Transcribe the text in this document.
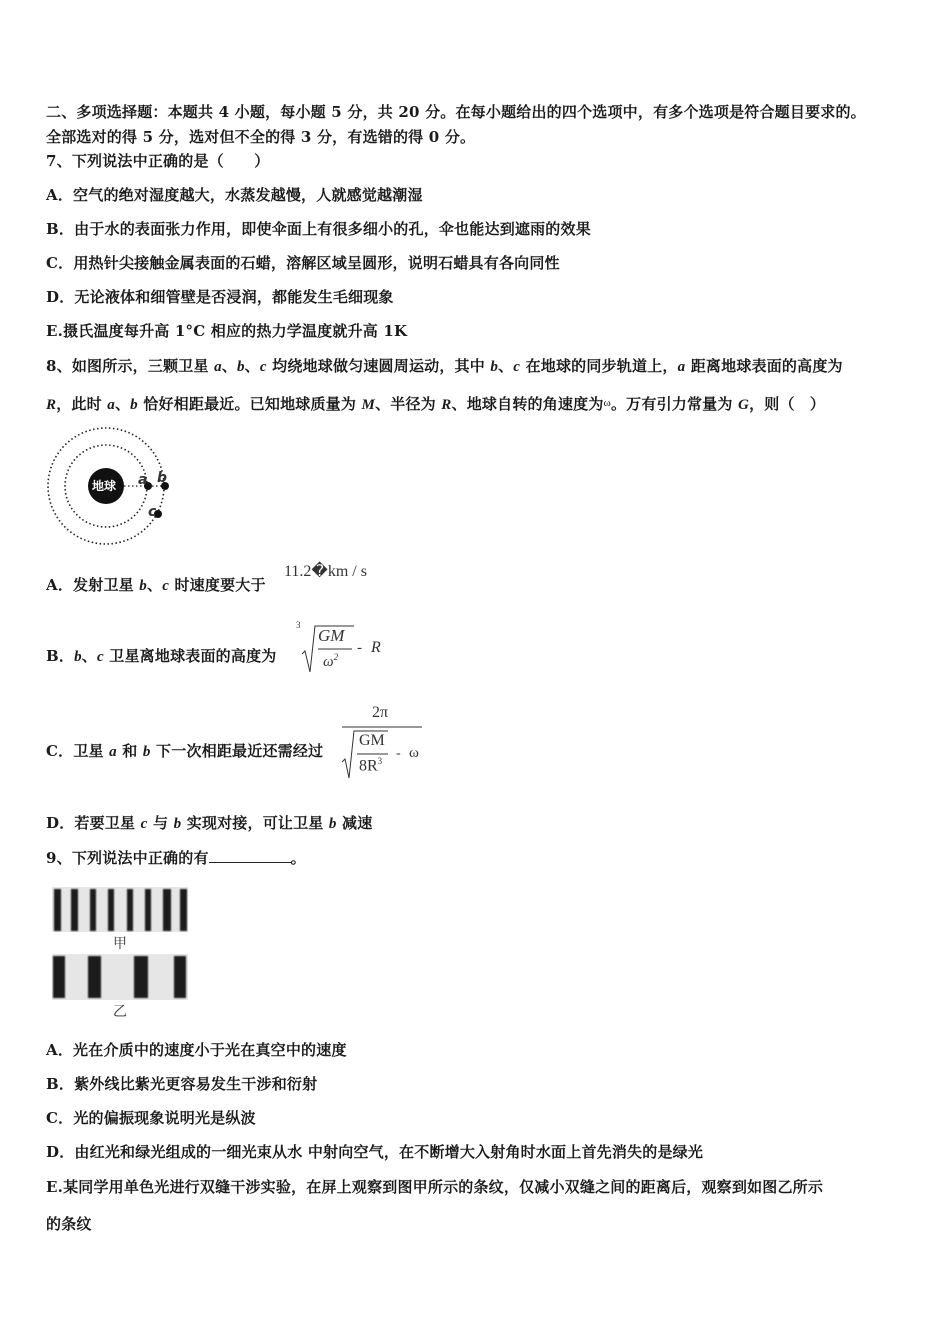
二、多项选择题：本题共 4 小题，每小题 5 分，共 20 分。在每小题给出的四个选项中，有多个选项是符合题目要求的。
全部选对的得 5 分，选对但不全的得 3 分，有选错的得 0 分。
7、下列说法中正确的是（　　）
A．空气的绝对湿度越大，水蒸发越慢，人就感觉越潮湿
B．由于水的表面张力作用，即使伞面上有很多细小的孔，伞也能达到遮雨的效果
C．用热针尖接触金属表面的石蜡，溶解区域呈圆形，说明石蜡具有各向同性
D．无论液体和细管壁是否浸润，都能发生毛细现象
E.摄氏温度每升高 1°C 相应的热力学温度就升高 1K
8、如图所示，三颗卫星 a、b、c 均绕地球做匀速圆周运动，其中 b、c 在地球的同步轨道上，a 距离地球表面的高度为
R，此时 a、b 恰好相距最近。已知地球质量为 M、半径为 R、地球自转的角速度为$^\omega$。万有引力常量为 G，则（　）
地球 a b
c
A．发射卫星 b、c 时速度要大于
11.2�km / s
B．b、c 卫星离地球表面的高度为
3
GM
$\omega^2$
- R
C．卫星 a 和 b 下一次相距最近还需经过
2π
GM
$8R^3$ - ω
D．若要卫星 c 与 b 实现对接，可让卫星 b 减速
9、下列说法中正确的有	。
甲
乙
A．光在介质中的速度小于光在真空中的速度
B．紫外线比紫光更容易发生干涉和衍射
C．光的偏振现象说明光是纵波
D．由红光和绿光组成的一细光束从水 中射向空气，在不断增大入射角时水面上首先消失的是绿光
E.某同学用单色光进行双缝干涉实验，在屏上观察到图甲所示的条纹，仅减小双缝之间的距离后，观察到如图乙所示
的条纹
